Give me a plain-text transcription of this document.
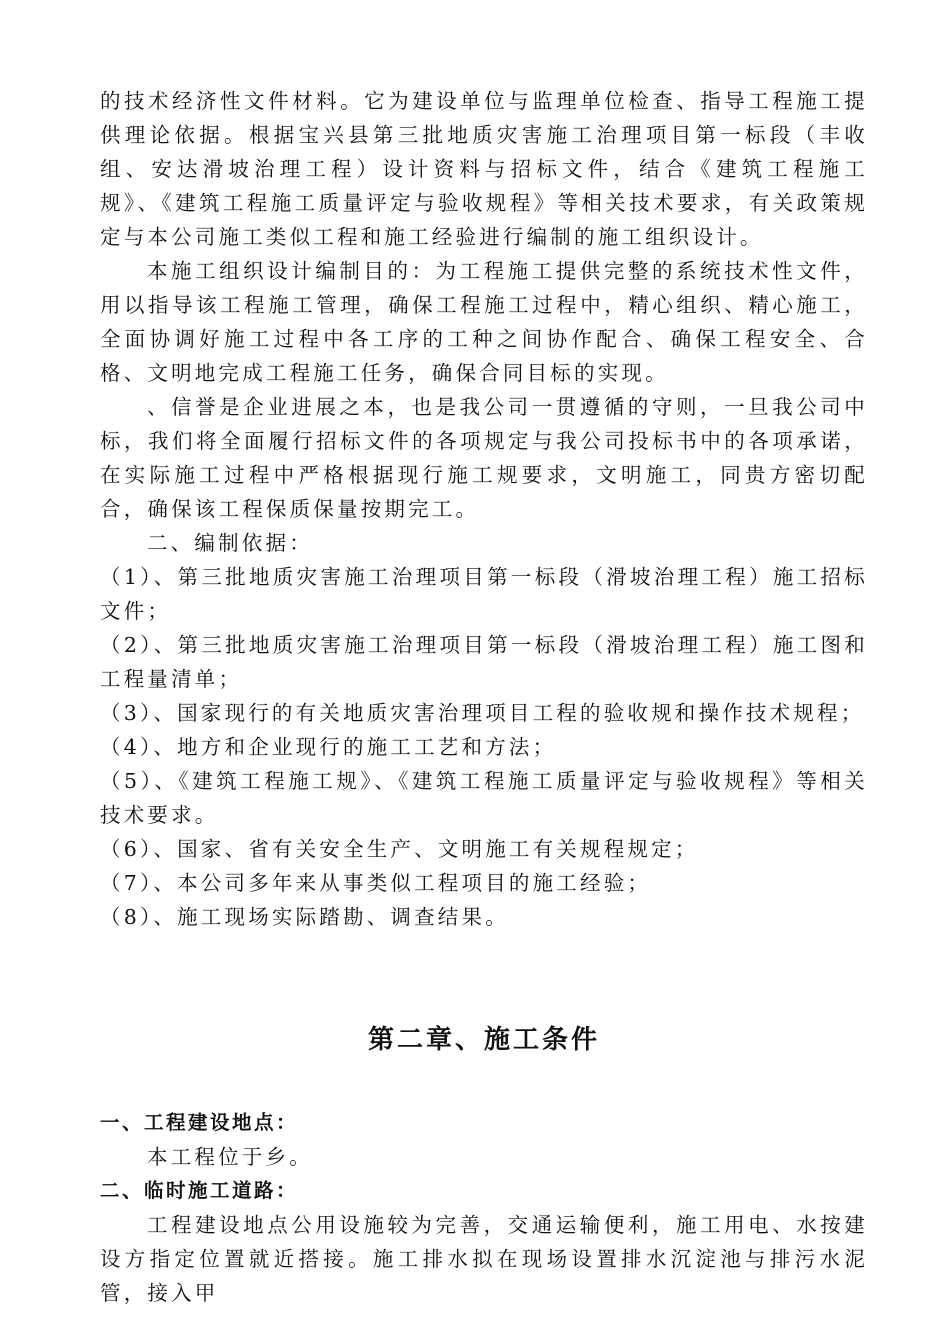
的技术经济性文件材料。它为建设单位与监理单位检查、指导工程施工提供理论依据。根据宝兴县第三批地质灾害施工治理项目第一标段（丰收组、安达滑坡治理工程）设计资料与招标文件，结合《建筑工程施工规》、《建筑工程施工质量评定与验收规程》等相关技术要求，有关政策规定与本公司施工类似工程和施工经验进行编制的施工组织设计。

本施工组织设计编制目的：为工程施工提供完整的系统技术性文件，用以指导该工程施工管理，确保工程施工过程中，精心组织、精心施工，全面协调好施工过程中各工序的工种之间协作配合、确保工程安全、合格、文明地完成工程施工任务，确保合同目标的实现。

、信誉是企业进展之本，也是我公司一贯遵循的守则，一旦我公司中标，我们将全面履行招标文件的各项规定与我公司投标书中的各项承诺，在实际施工过程中严格根据现行施工规要求，文明施工，同贵方密切配合，确保该工程保质保量按期完工。

二、编制依据：

（1）、第三批地质灾害施工治理项目第一标段（滑坡治理工程）施工招标文件；

（2）、第三批地质灾害施工治理项目第一标段（滑坡治理工程）施工图和工程量清单；

（3）、国家现行的有关地质灾害治理项目工程的验收规和操作技术规程；

（4）、地方和企业现行的施工工艺和方法；

（5）、《建筑工程施工规》、《建筑工程施工质量评定与验收规程》等相关技术要求。

（6）、国家、省有关安全生产、文明施工有关规程规定；

（7）、本公司多年来从事类似工程项目的施工经验；

（8）、施工现场实际踏勘、调查结果。

第二章、施工条件

一、工程建设地点：

本工程位于乡。

二、临时施工道路：

工程建设地点公用设施较为完善，交通运输便利，施工用电、水按建设方指定位置就近搭接。施工排水拟在现场设置排水沉淀池与排污水泥管，接入甲
